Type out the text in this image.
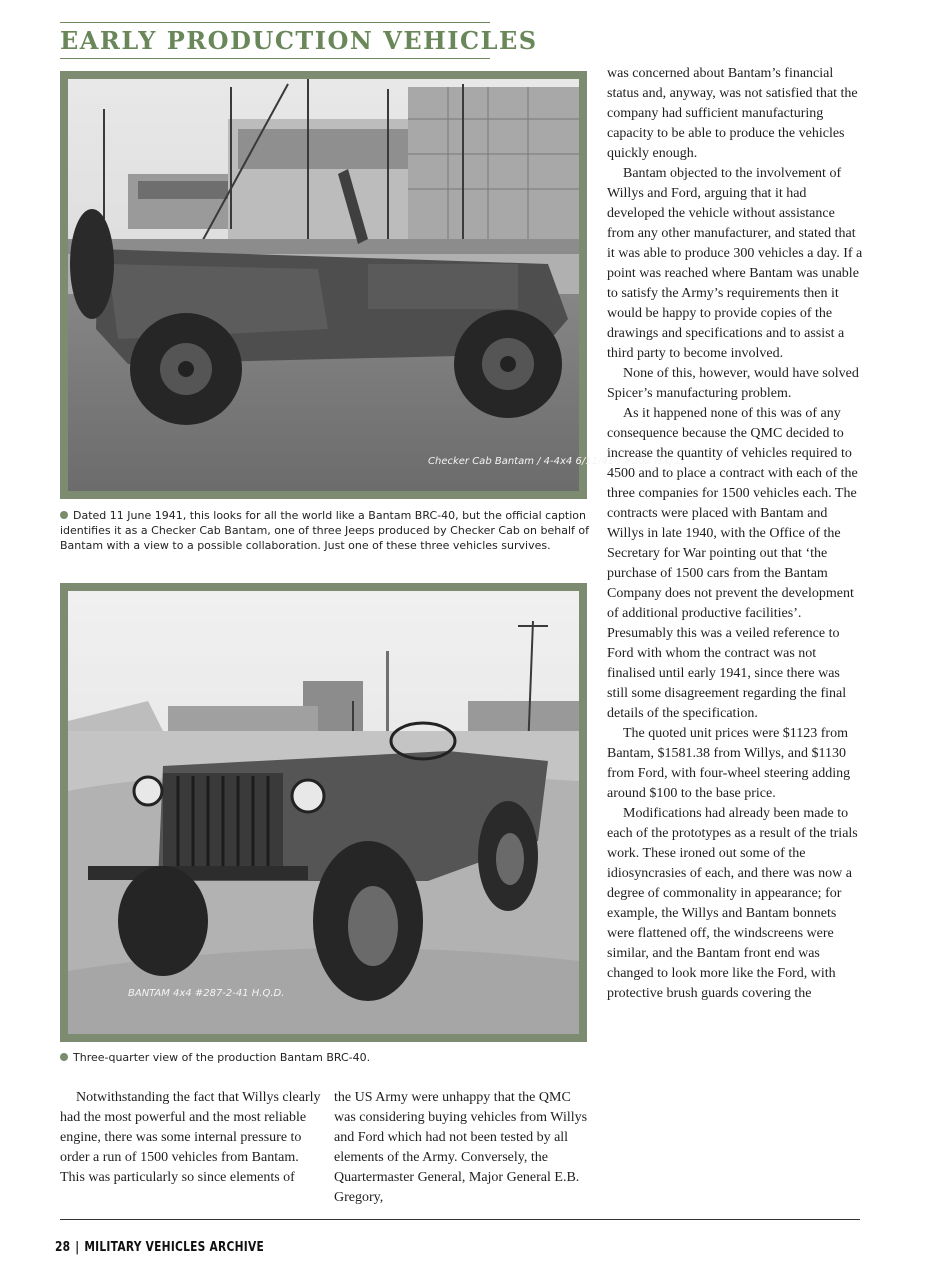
EARLY PRODUCTION VEHICLES
Checker Cab Bantam / 4-4x4 6/11/41 / #302 H.Q.D.

Dated 11 June 1941, this looks for all the world like a Bantam BRC-40, but the official caption identifies it as a Checker Cab Bantam, one of three Jeeps produced by Checker Cab on behalf of Bantam with a view to a possible collaboration. Just one of these three vehicles survives.

BANTAM 4x4 #287-2-41 H.Q.D.

Three-quarter view of the production Bantam BRC-40.

Notwithstanding the fact that Willys clearly had the most powerful and the most reliable engine, there was some internal pressure to order a run of 1500 vehicles from Bantam. This was particularly so since elements of

the US Army were unhappy that the QMC was considering buying vehicles from Willys and Ford which had not been tested by all elements of the Army. Conversely, the Quartermaster General, Major General E.B. Gregory,

was concerned about Bantam’s financial status and, anyway, was not satisfied that the company had sufficient manufacturing capacity to be able to produce the vehicles quickly enough.

Bantam objected to the involvement of Willys and Ford, arguing that it had developed the vehicle without assistance from any other manufacturer, and stated that it was able to produce 300 vehicles a day. If a point was reached where Bantam was unable to satisfy the Army’s requirements then it would be happy to provide copies of the drawings and specifications and to assist a third party to become involved.

None of this, however, would have solved Spicer’s manufacturing problem.

As it happened none of this was of any consequence because the QMC decided to increase the quantity of vehicles required to 4500 and to place a contract with each of the three companies for 1500 vehicles each. The contracts were placed with Bantam and Willys in late 1940, with the Office of the Secretary for War pointing out that ‘the purchase of 1500 cars from the Bantam Company does not prevent the development of additional productive facilities’. Presumably this was a veiled reference to Ford with whom the contract was not finalised until early 1941, since there was still some disagreement regarding the final details of the specification.

The quoted unit prices were $1123 from Bantam, $1581.38 from Willys, and $1130 from Ford, with four-wheel steering adding around $100 to the base price.

Modifications had already been made to each of the prototypes as a result of the trials work. These ironed out some of the idiosyncrasies of each, and there was now a degree of commonality in appearance; for example, the Willys and Bantam bonnets were flattened off, the windscreens were similar, and the Bantam front end was changed to look more like the Ford, with protective brush guards covering the

28 | MILITARY VEHICLES ARCHIVE
